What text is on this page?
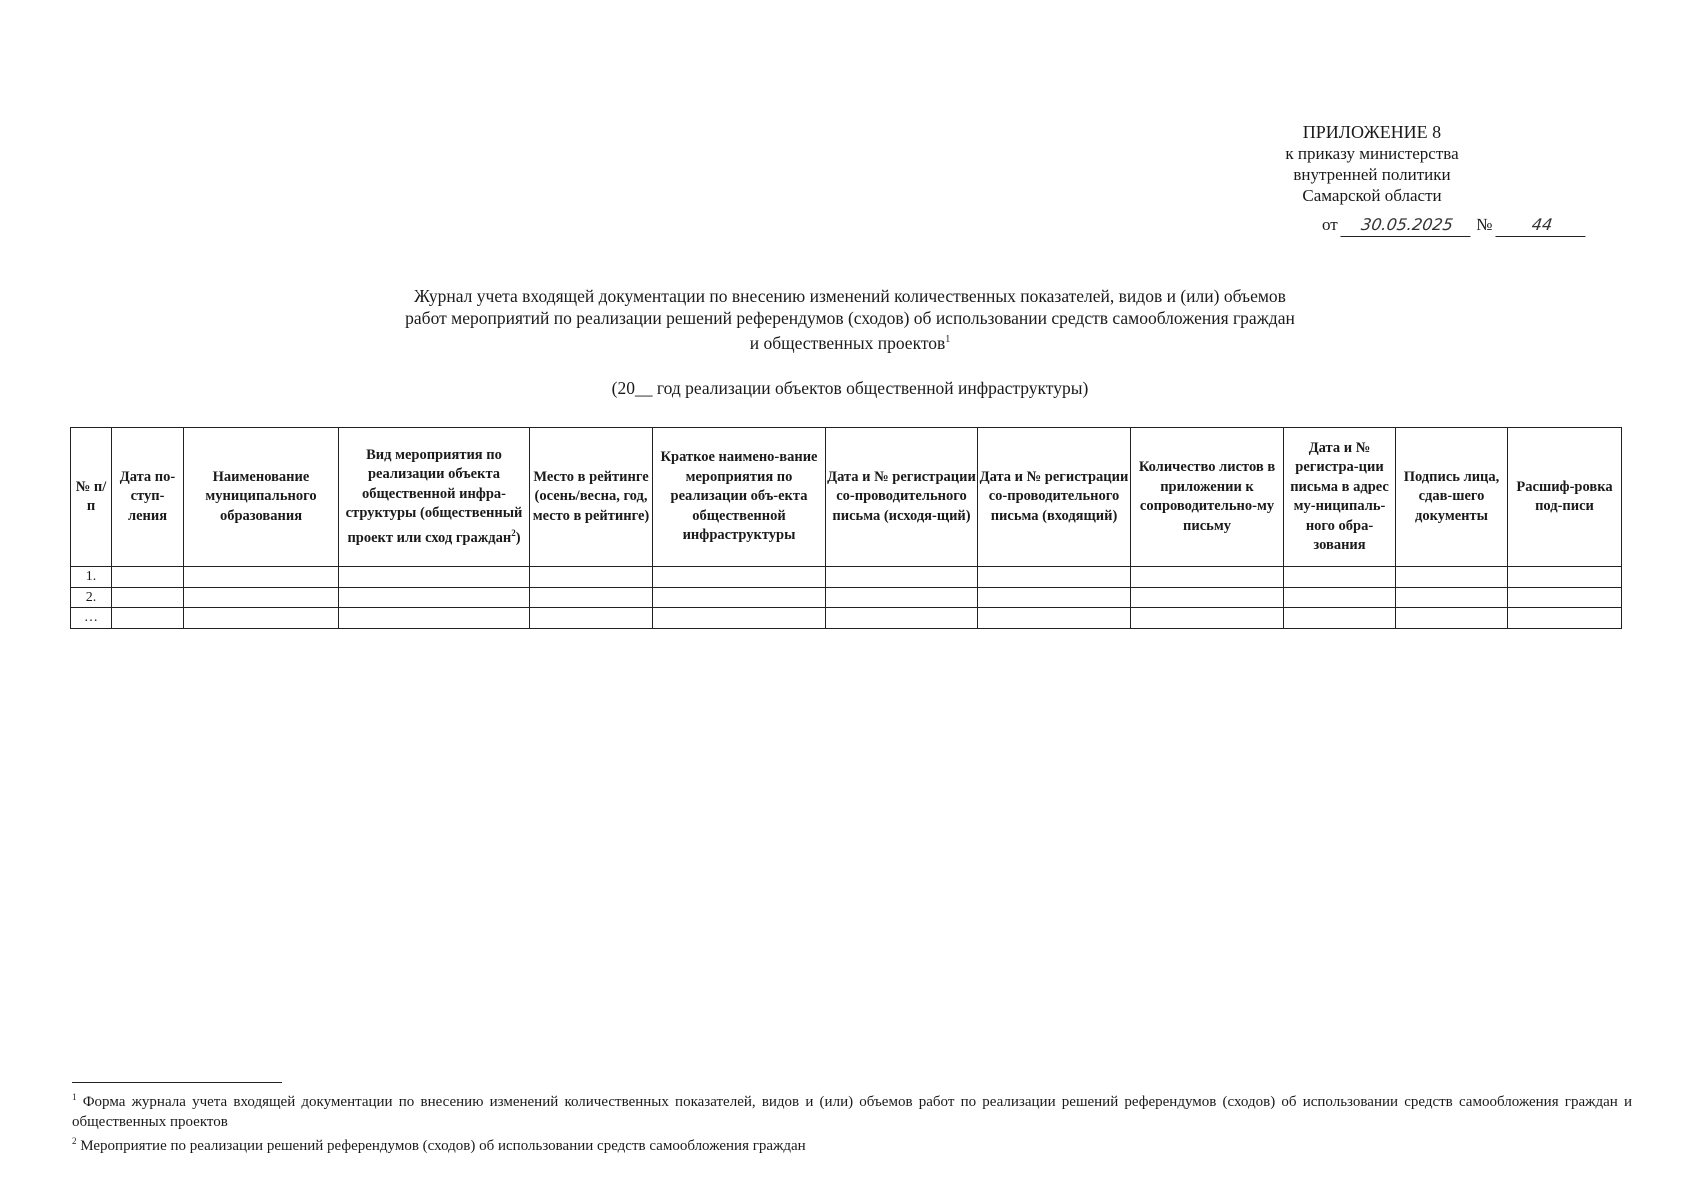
ПРИЛОЖЕНИЕ 8
к приказу министерства
внутренней политики
Самарской области
от 30.05.2025 № 44
Журнал учета входящей документации по внесению изменений количественных показателей, видов и (или) объемов
работ мероприятий по реализации решений референдумов (сходов) об использовании средств самообложения граждан
и общественных проектов$^1$
(20__ год реализации объектов общественной инфраструктуры)
№ п/п	Дата по-ступ-ления	Наименование муниципального образования	Вид мероприятия по реализации объекта общественной инфра-структуры (общественный проект или сход граждан$^2$)	Место в рейтинге (осень/весна, год, место в рейтинге)	Краткое наимено-вание мероприятия по реализации объ-екта общественной инфраструктуры	Дата и № регистрации со-проводительного письма (исходя-щий)	Дата и № регистрации со-проводительного письма (входящий)	Количество листов в приложении к сопроводительно-му письму	Дата и № регистра-ции письма в адрес му-ниципаль-ного обра-зования	Подпись лица, сдав-шего документы	Расшиф-ровка под-писи
1.											
2.											
…											

$^1$ Форма журнала учета входящей документации по внесению изменений количественных показателей, видов и (или) объемов работ по реализации решений референдумов (сходов) об использовании средств самообложения граждан и общественных проектов

$^2$ Мероприятие по реализации решений референдумов (сходов) об использовании средств самообложения граждан
